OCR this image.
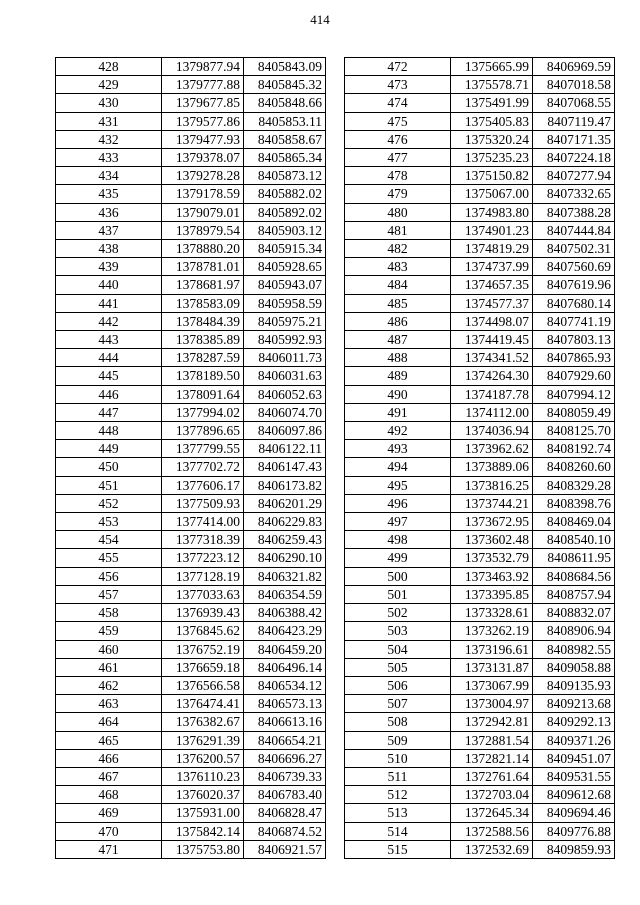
414
428	1379877.94	8405843.09
429	1379777.88	8405845.32
430	1379677.85	8405848.66
431	1379577.86	8405853.11
432	1379477.93	8405858.67
433	1379378.07	8405865.34
434	1379278.28	8405873.12
435	1379178.59	8405882.02
436	1379079.01	8405892.02
437	1378979.54	8405903.12
438	1378880.20	8405915.34
439	1378781.01	8405928.65
440	1378681.97	8405943.07
441	1378583.09	8405958.59
442	1378484.39	8405975.21
443	1378385.89	8405992.93
444	1378287.59	8406011.73
445	1378189.50	8406031.63
446	1378091.64	8406052.63
447	1377994.02	8406074.70
448	1377896.65	8406097.86
449	1377799.55	8406122.11
450	1377702.72	8406147.43
451	1377606.17	8406173.82
452	1377509.93	8406201.29
453	1377414.00	8406229.83
454	1377318.39	8406259.43
455	1377223.12	8406290.10
456	1377128.19	8406321.82
457	1377033.63	8406354.59
458	1376939.43	8406388.42
459	1376845.62	8406423.29
460	1376752.19	8406459.20
461	1376659.18	8406496.14
462	1376566.58	8406534.12
463	1376474.41	8406573.13
464	1376382.67	8406613.16
465	1376291.39	8406654.21
466	1376200.57	8406696.27
467	1376110.23	8406739.33
468	1376020.37	8406783.40
469	1375931.00	8406828.47
470	1375842.14	8406874.52
471	1375753.80	8406921.57
472	1375665.99	8406969.59
473	1375578.71	8407018.58
474	1375491.99	8407068.55
475	1375405.83	8407119.47
476	1375320.24	8407171.35
477	1375235.23	8407224.18
478	1375150.82	8407277.94
479	1375067.00	8407332.65
480	1374983.80	8407388.28
481	1374901.23	8407444.84
482	1374819.29	8407502.31
483	1374737.99	8407560.69
484	1374657.35	8407619.96
485	1374577.37	8407680.14
486	1374498.07	8407741.19
487	1374419.45	8407803.13
488	1374341.52	8407865.93
489	1374264.30	8407929.60
490	1374187.78	8407994.12
491	1374112.00	8408059.49
492	1374036.94	8408125.70
493	1373962.62	8408192.74
494	1373889.06	8408260.60
495	1373816.25	8408329.28
496	1373744.21	8408398.76
497	1373672.95	8408469.04
498	1373602.48	8408540.10
499	1373532.79	8408611.95
500	1373463.92	8408684.56
501	1373395.85	8408757.94
502	1373328.61	8408832.07
503	1373262.19	8408906.94
504	1373196.61	8408982.55
505	1373131.87	8409058.88
506	1373067.99	8409135.93
507	1373004.97	8409213.68
508	1372942.81	8409292.13
509	1372881.54	8409371.26
510	1372821.14	8409451.07
511	1372761.64	8409531.55
512	1372703.04	8409612.68
513	1372645.34	8409694.46
514	1372588.56	8409776.88
515	1372532.69	8409859.93
